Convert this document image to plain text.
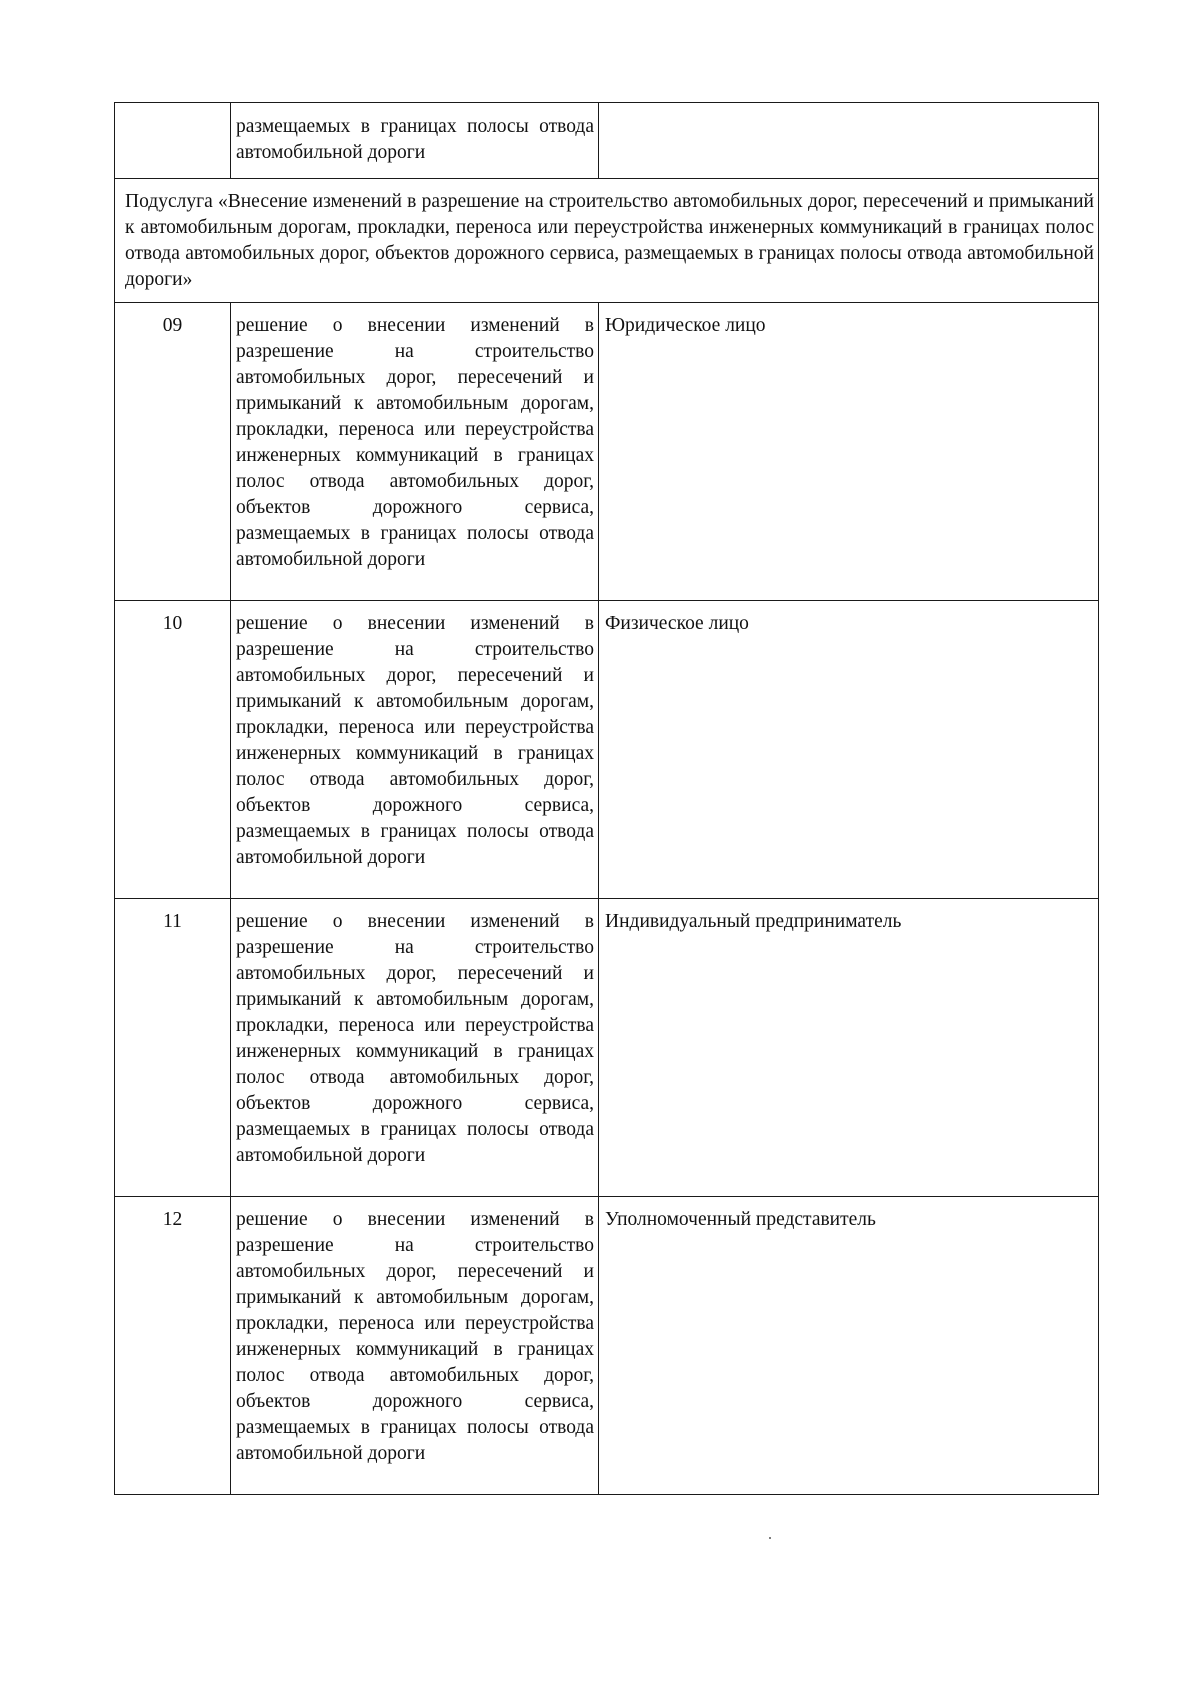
	размещаемых в границах полосы отвода автомобильной дороги	
Подуслуга «Внесение изменений в разрешение на строительство автомобильных дорог, пересечений и примыканий к автомобильным дорогам, прокладки, переноса или переустройства инженерных коммуникаций в границах полос отвода автомобильных дорог, объектов дорожного сервиса, размещаемых в границах полосы отвода автомобильной дороги»		
09	решение о внесении изменений в разрешение на строительство автомобильных дорог, пересечений и примыканий к автомобильным дорогам, прокладки, переноса или переустройства инженерных коммуникаций в границах полос отвода автомобильных дорог, объектов дорожного сервиса, размещаемых в границах полосы отвода автомобильной дороги	Юридическое лицо
10	решение о внесении изменений в разрешение на строительство автомобильных дорог, пересечений и примыканий к автомобильным дорогам, прокладки, переноса или переустройства инженерных коммуникаций в границах полос отвода автомобильных дорог, объектов дорожного сервиса, размещаемых в границах полосы отвода автомобильной дороги	Физическое лицо
11	решение о внесении изменений в разрешение на строительство автомобильных дорог, пересечений и примыканий к автомобильным дорогам, прокладки, переноса или переустройства инженерных коммуникаций в границах полос отвода автомобильных дорог, объектов дорожного сервиса, размещаемых в границах полосы отвода автомобильной дороги	Индивидуальный предприниматель
12	решение о внесении изменений в разрешение на строительство автомобильных дорог, пересечений и примыканий к автомобильным дорогам, прокладки, переноса или переустройства инженерных коммуникаций в границах полос отвода автомобильных дорог, объектов дорожного сервиса, размещаемых в границах полосы отвода автомобильной дороги	Уполномоченный представитель
